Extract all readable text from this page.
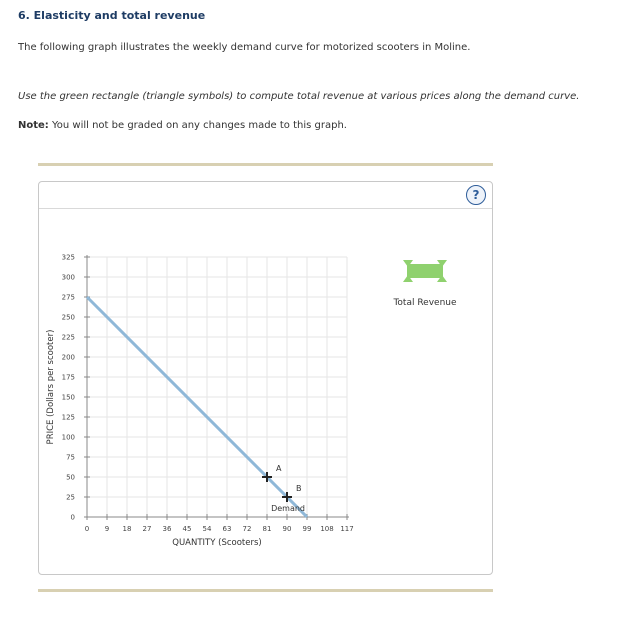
6. Elasticity and total revenue
The following graph illustrates the weekly demand curve for motorized scooters in Moline.
Use the green rectangle (triangle symbols) to compute total revenue at various prices along the demand curve.
Note: You will not be graded on any changes made to this graph.
?
0
25
50
75
100
125
150
175
200
225
250
275
300
325
0 9 18 27 36 45 54 63 72 81 90 99 108 117
PRICE (Dollars per scooter)
QUANTITY (Scooters)
Demand
A
B
Total Revenue
